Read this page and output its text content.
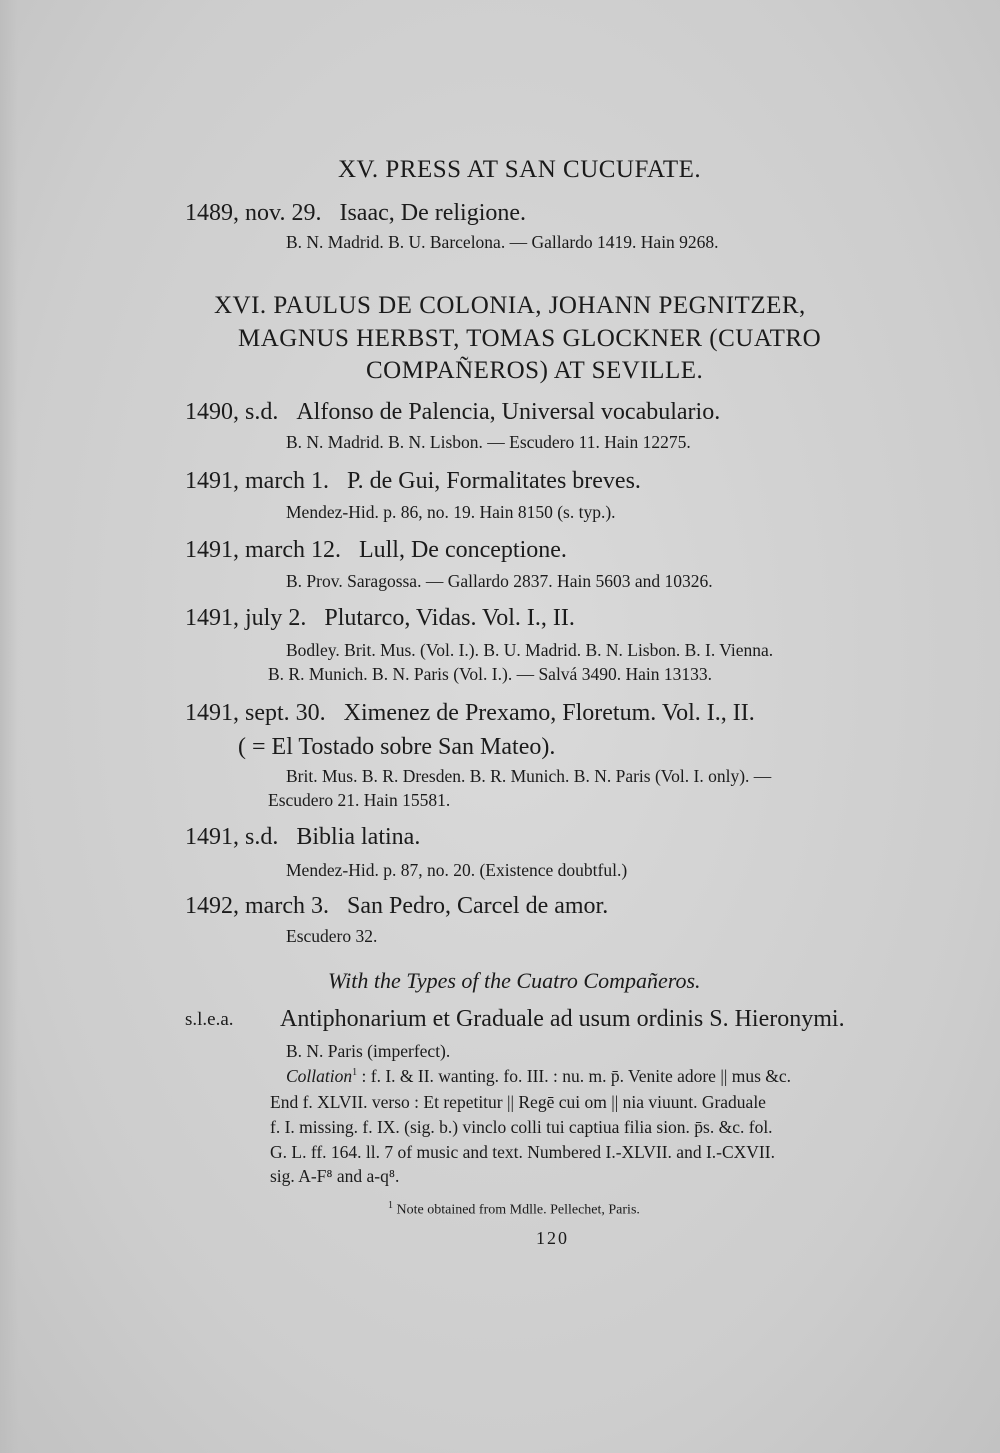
XV. PRESS AT SAN CUCUFATE.
1489, nov. 29. Isaac, De religione.
B. N. Madrid. B. U. Barcelona. — Gallardo 1419. Hain 9268.
XVI. PAULUS DE COLONIA, JOHANN PEGNITZER,
MAGNUS HERBST, TOMAS GLOCKNER (CUATRO
COMPAÑEROS) AT SEVILLE.
1490, s.d. Alfonso de Palencia, Universal vocabulario.
B. N. Madrid. B. N. Lisbon. — Escudero 11. Hain 12275.
1491, march 1. P. de Gui, Formalitates breves.
Mendez-Hid. p. 86, no. 19. Hain 8150 (s. typ.).
1491, march 12. Lull, De conceptione.
B. Prov. Saragossa. — Gallardo 2837. Hain 5603 and 10326.
1491, july 2. Plutarco, Vidas. Vol. I., II.
Bodley. Brit. Mus. (Vol. I.). B. U. Madrid. B. N. Lisbon. B. I. Vienna.
B. R. Munich. B. N. Paris (Vol. I.). — Salvá 3490. Hain 13133.
1491, sept. 30. Ximenez de Prexamo, Floretum. Vol. I., II.
( = El Tostado sobre San Mateo).
Brit. Mus. B. R. Dresden. B. R. Munich. B. N. Paris (Vol. I. only). —
Escudero 21. Hain 15581.
1491, s.d. Biblia latina.
Mendez-Hid. p. 87, no. 20. (Existence doubtful.)
1492, march 3. San Pedro, Carcel de amor.
Escudero 32.
With the Types of the Cuatro Compañeros.
s.l.e.a. Antiphonarium et Graduale ad usum ordinis S. Hieronymi.
B. N. Paris (imperfect).
Collation$^1$ : f. I. & II. wanting. fo. III. : nu. m. p̄. Venite adore || mus &c.
End f. XLVII. verso : Et repetitur || Regē cui om || nia viuunt. Graduale
f. I. missing. f. IX. (sig. b.) vinclo colli tui captiua filia sion. p̄s. &c. fol.
G. L. ff. 164. ll. 7 of music and text. Numbered I.-XLVII. and I.-CXVII.
sig. A-F⁸ and a-q⁸.
$^1$ Note obtained from Mdlle. Pellechet, Paris.
120
